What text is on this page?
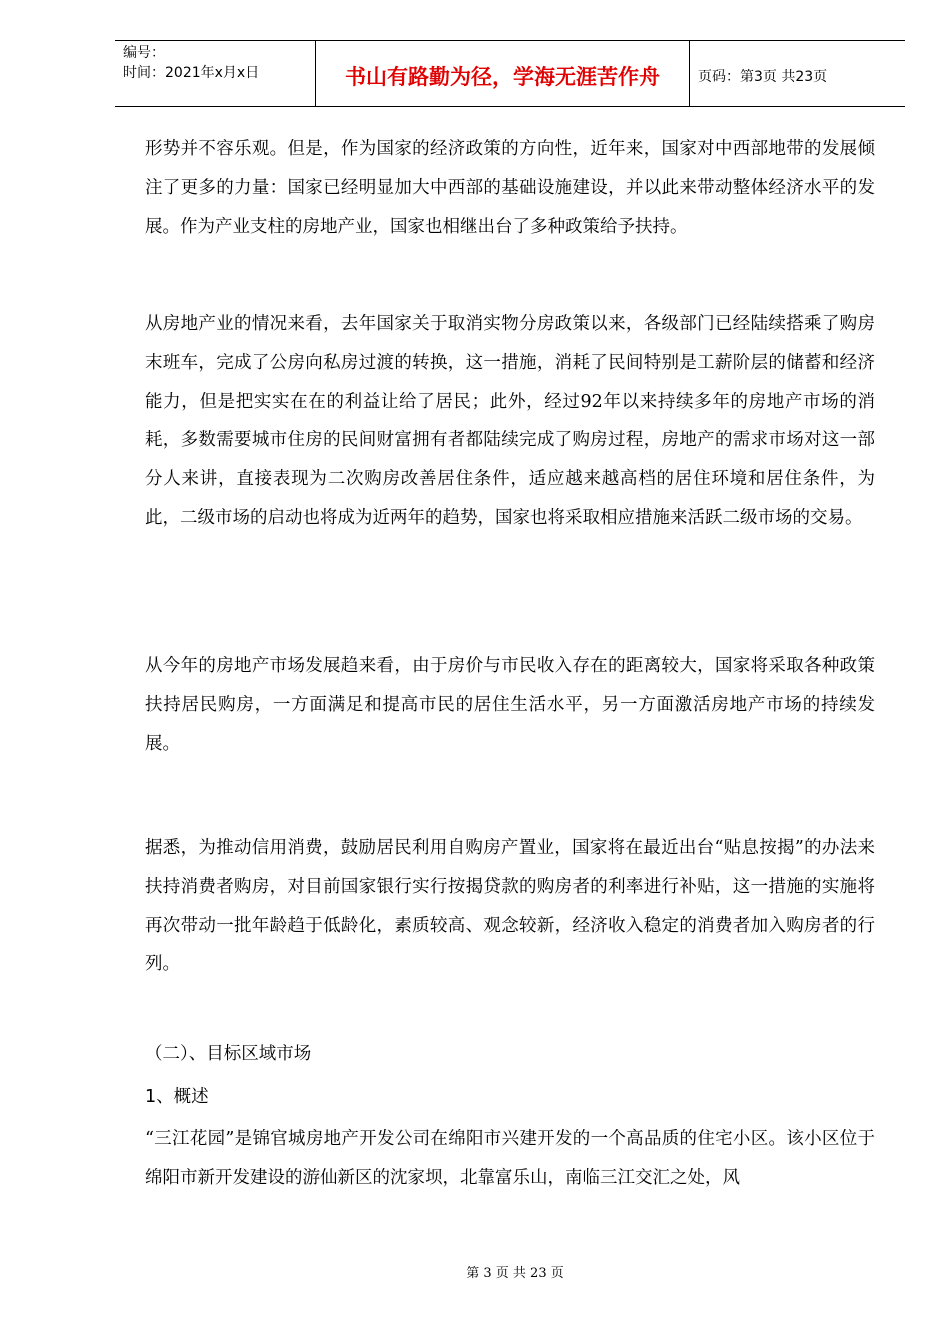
编号：
时间：2021年x月x日	书山有路勤为径，学海无涯苦作舟	页码：第3页 共23页

形势并不容乐观。但是，作为国家的经济政策的方向性，近年来，国家对中西部地带的发展倾注了更多的力量：国家已经明显加大中西部的基础设施建设，并以此来带动整体经济水平的发展。作为产业支柱的房地产业，国家也相继出台了多种政策给予扶持。

从房地产业的情况来看，去年国家关于取消实物分房政策以来，各级部门已经陆续搭乘了购房末班车，完成了公房向私房过渡的转换，这一措施，消耗了民间特别是工薪阶层的储蓄和经济能力，但是把实实在在的利益让给了居民；此外，经过92年以来持续多年的房地产市场的消耗，多数需要城市住房的民间财富拥有者都陆续完成了购房过程，房地产的需求市场对这一部分人来讲，直接表现为二次购房改善居住条件，适应越来越高档的居住环境和居住条件，为此，二级市场的启动也将成为近两年的趋势，国家也将采取相应措施来活跃二级市场的交易。

从今年的房地产市场发展趋来看，由于房价与市民收入存在的距离较大，国家将采取各种政策扶持居民购房，一方面满足和提高市民的居住生活水平，另一方面激活房地产市场的持续发展。

据悉，为推动信用消费，鼓励居民利用自购房产置业，国家将在最近出台“贴息按揭”的办法来扶持消费者购房，对目前国家银行实行按揭贷款的购房者的利率进行补贴，这一措施的实施将再次带动一批年龄趋于低龄化，素质较高、观念较新，经济收入稳定的消费者加入购房者的行列。

（二）、目标区域市场

1、概述

“三江花园”是锦官城房地产开发公司在绵阳市兴建开发的一个高品质的住宅小区。该小区位于绵阳市新开发建设的游仙新区的沈家坝，北靠富乐山，南临三江交汇之处，风

第 3 页 共 23 页
